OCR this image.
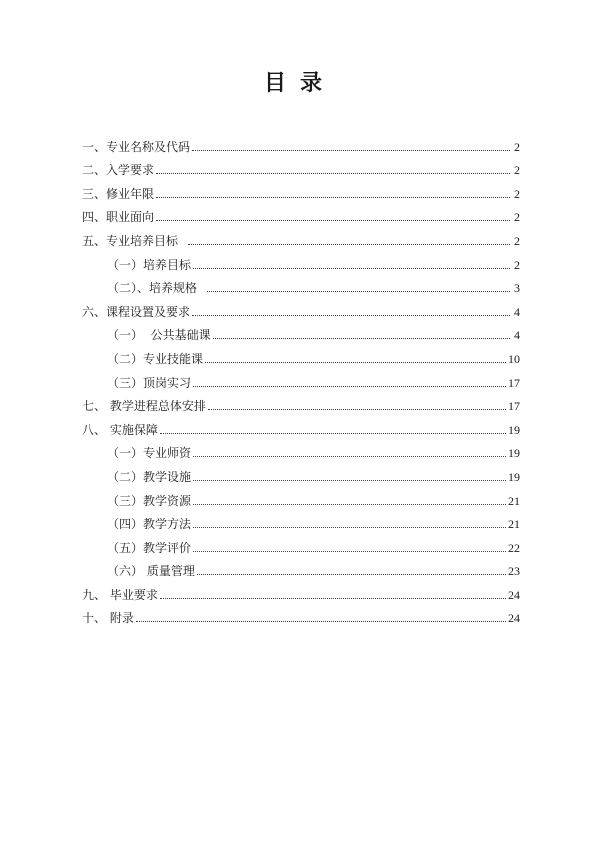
目录
一、专业名称及代码	2
二、入学要求	2
三、修业年限	2
四、职业面向	2
五、专业培养目标	2
（一）培养目标	2
（二）、培养规格	3
六、课程设置及要求	4
（一）  公共基础课	4
（二）专业技能课	10
（三）顶岗实习	17
七、 教学进程总体安排	17
八、 实施保障	19
（一）专业师资	19
（二）教学设施	19
（三）教学资源	21
（四）教学方法	21
（五）教学评价	22
（六） 质量管理	23
九、 毕业要求	24
十、 附录	24
